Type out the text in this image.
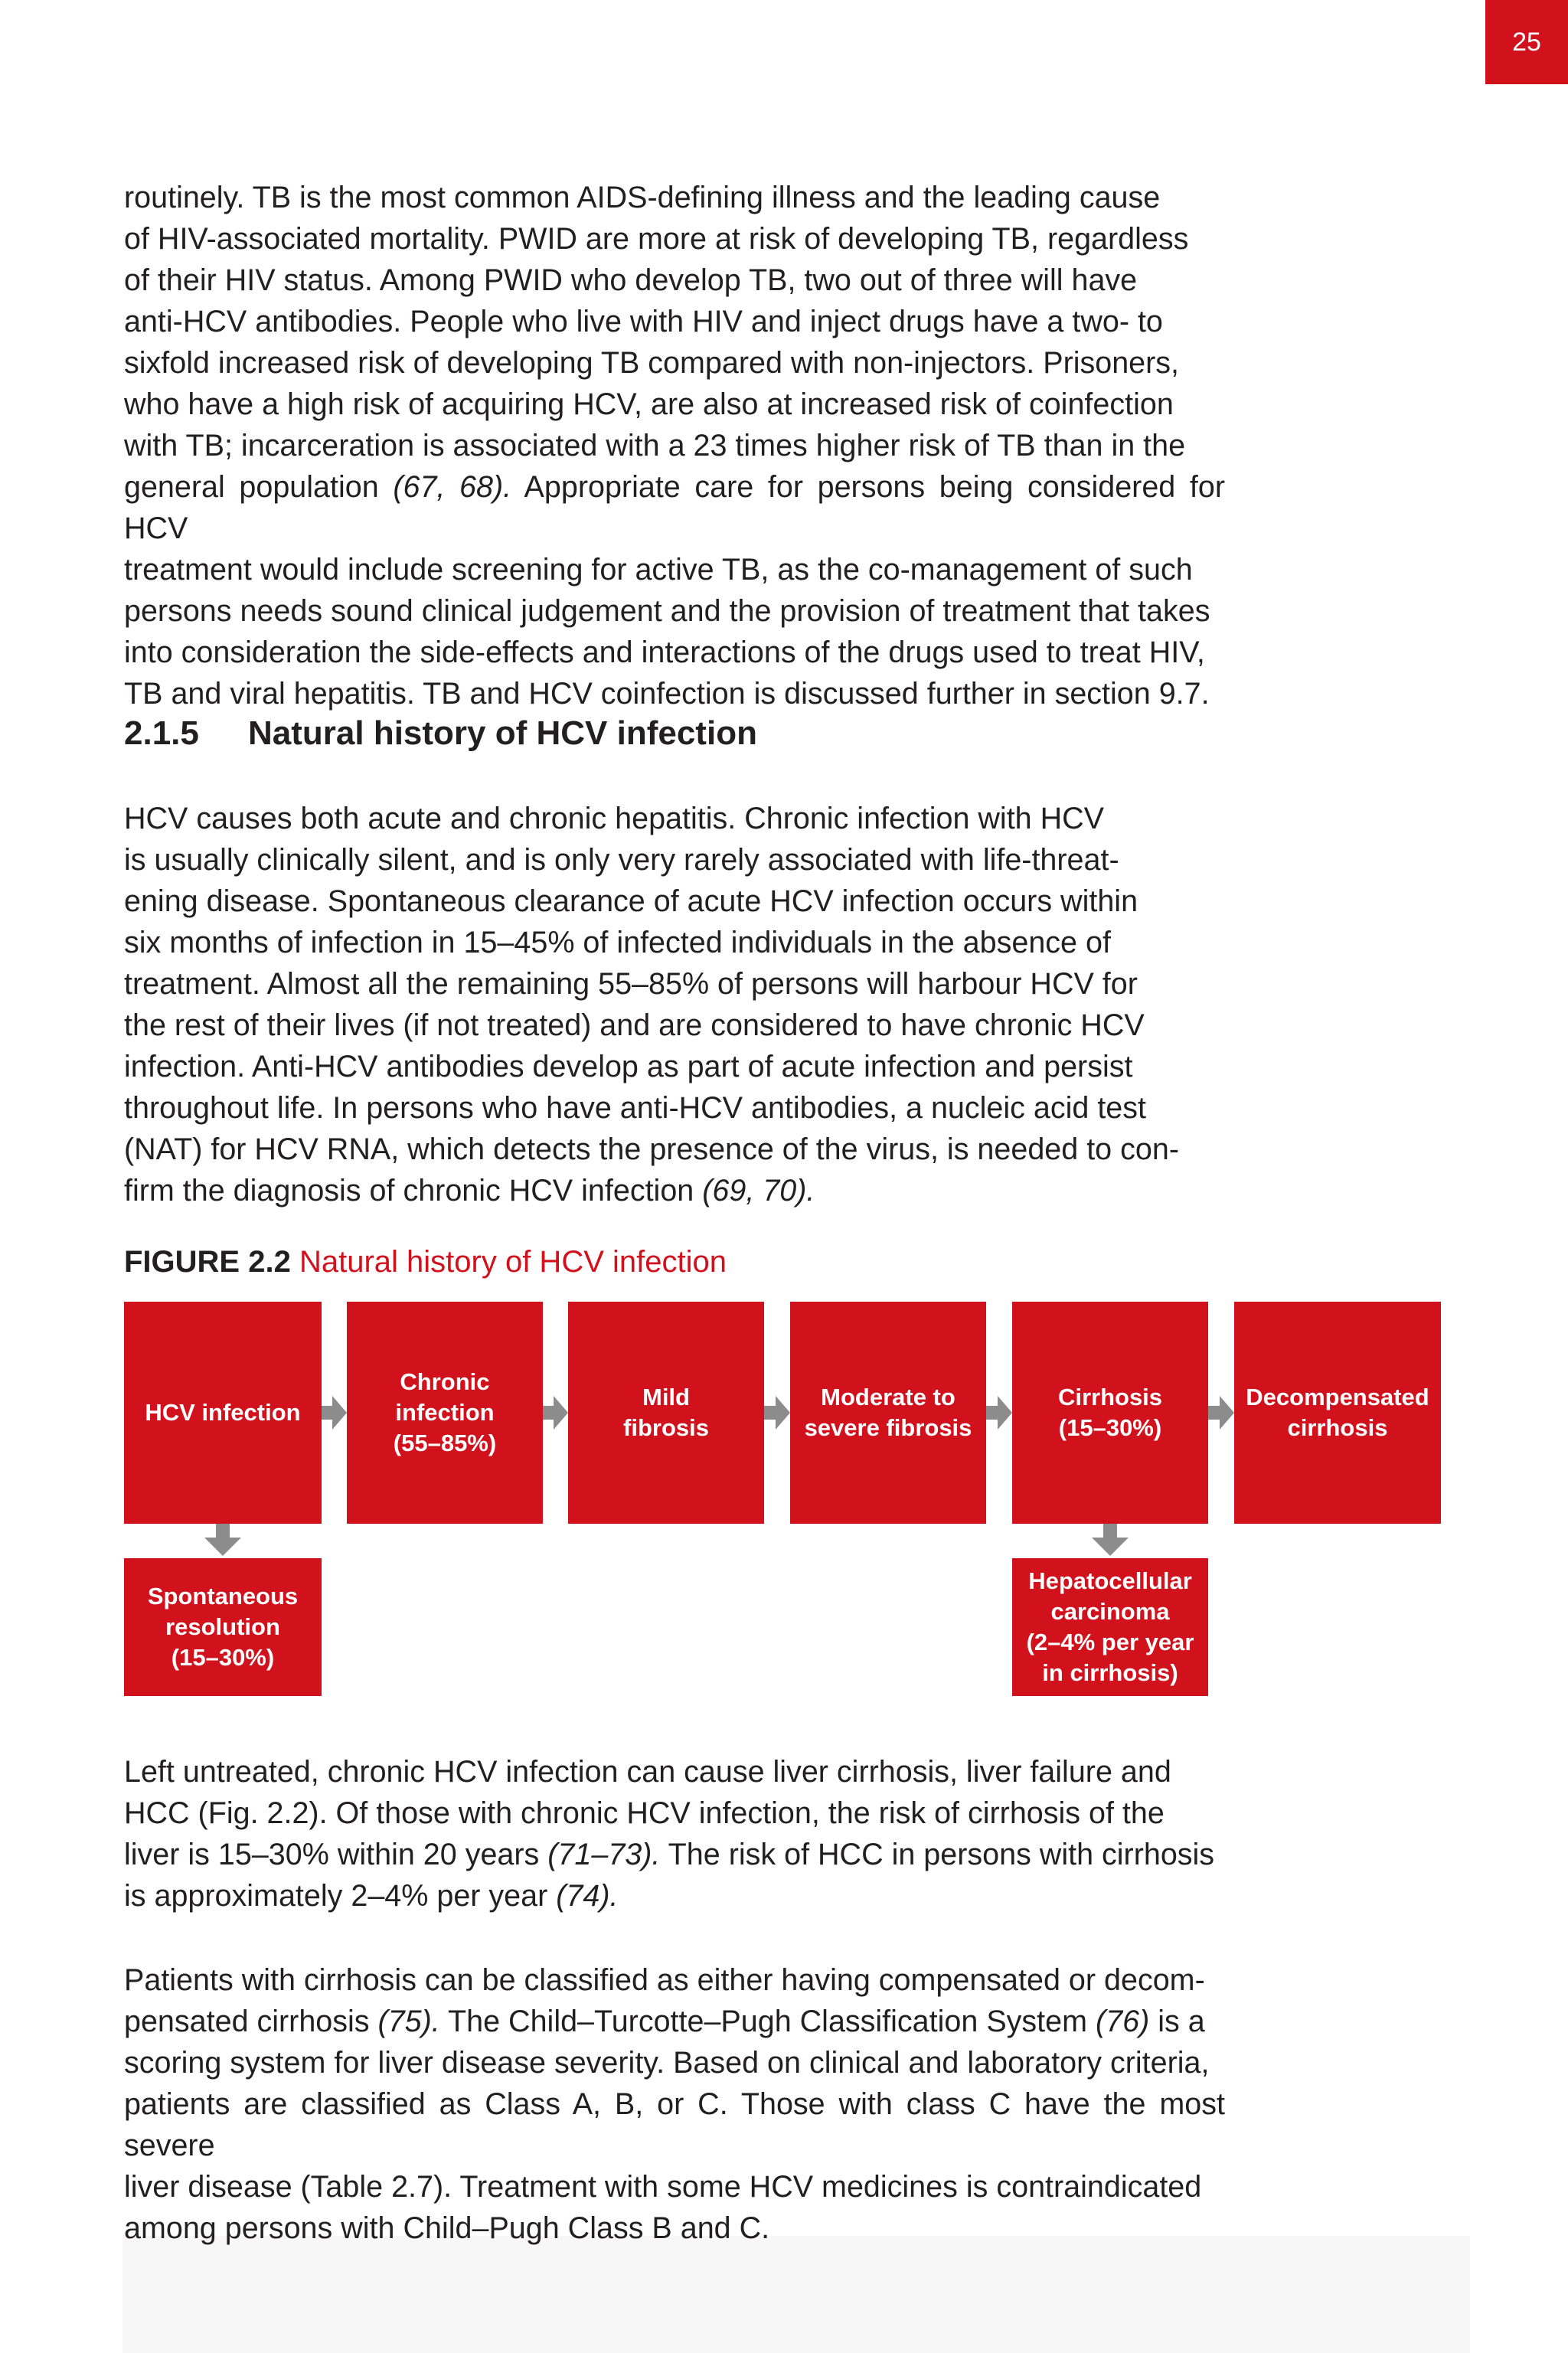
25

routinely. TB is the most common AIDS-defining illness and the leading cause
of HIV-associated mortality. PWID are more at risk of developing TB, regardless
of their HIV status. Among PWID who develop TB, two out of three will have
anti-HCV antibodies. People who live with HIV and inject drugs have a two- to
sixfold increased risk of developing TB compared with non-injectors. Prisoners,
who have a high risk of acquiring HCV, are also at increased risk of coinfection
with TB; incarceration is associated with a 23 times higher risk of TB than in the
general population (67, 68). Appropriate care for persons being considered for HCV
treatment would include screening for active TB, as the co-management of such
persons needs sound clinical judgement and the provision of treatment that takes
into consideration the side-effects and interactions of the drugs used to treat HIV,
TB and viral hepatitis. TB and HCV coinfection is discussed further in section 9.7.

2.1.5 Natural history of HCV infection

HCV causes both acute and chronic hepatitis. Chronic infection with HCV
is usually clinically silent, and is only very rarely associated with life-threat-
ening disease. Spontaneous clearance of acute HCV infection occurs within
six months of infection in 15–45% of infected individuals in the absence of
treatment. Almost all the remaining 55–85% of persons will harbour HCV for
the rest of their lives (if not treated) and are considered to have chronic HCV
infection. Anti-HCV antibodies develop as part of acute infection and persist
throughout life. In persons who have anti-HCV antibodies, a nucleic acid test
(NAT) for HCV RNA, which detects the presence of the virus, is needed to con-
firm the diagnosis of chronic HCV infection (69, 70).

FIGURE 2.2 Natural history of HCV infection

HCV infection
Chronic
infection
(55–85%)
Mild
fibrosis
Moderate to
severe fibrosis
Cirrhosis
(15–30%)
Decompensated
cirrhosis
Spontaneous
resolution
(15–30%)
Hepatocellular
carcinoma
(2–4% per year
in cirrhosis)

Left untreated, chronic HCV infection can cause liver cirrhosis, liver failure and
HCC (Fig. 2.2). Of those with chronic HCV infection, the risk of cirrhosis of the
liver is 15–30% within 20 years (71–73). The risk of HCC in persons with cirrhosis
is approximately 2–4% per year (74).

Patients with cirrhosis can be classified as either having compensated or decom-
pensated cirrhosis (75). The Child–Turcotte–Pugh Classification System (76) is a
scoring system for liver disease severity. Based on clinical and laboratory criteria,
patients are classified as Class A, B, or C. Those with class C have the most severe
liver disease (Table 2.7). Treatment with some HCV medicines is contraindicated
among persons with Child–Pugh Class B and C.
